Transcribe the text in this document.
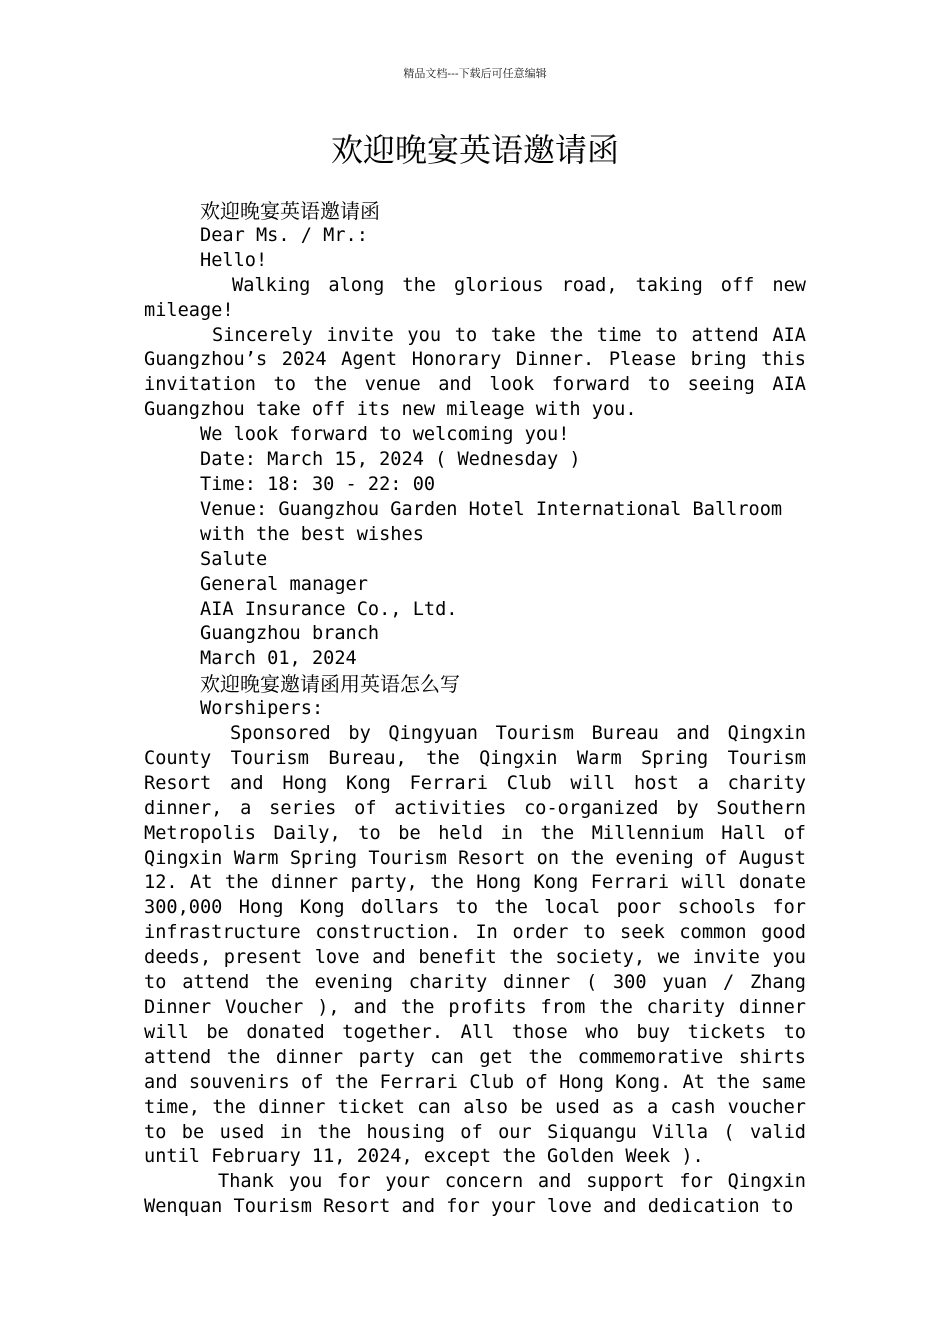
精品文档---下载后可任意编辑
欢迎晚宴英语邀请函

欢迎晚宴英语邀请函

Dear Ms. / Mr.:

Hello!

Walking along the glorious road, taking off new mileage!

Sincerely invite you to take the time to attend AIA Guangzhou’s 2024 Agent Honorary Dinner. Please bring this invitation to the venue and look forward to seeing AIA Guangzhou take off its new mileage with you.

We look forward to welcoming you!

Date: March 15, 2024 ( Wednesday )

Time: 18: 30 - 22: 00

Venue: Guangzhou Garden Hotel International Ballroom

with the best wishes

Salute

General manager

AIA Insurance Co., Ltd.

Guangzhou branch

March 01, 2024

欢迎晚宴邀请函用英语怎么写

Worshipers:

Sponsored by Qingyuan Tourism Bureau and Qingxin County Tourism Bureau, the Qingxin Warm Spring Tourism Resort and Hong Kong Ferrari Club will host a charity dinner, a series of activities co-organized by Southern Metropolis Daily, to be held in the Millennium Hall of Qingxin Warm Spring Tourism Resort on the evening of August 12. At the dinner party, the Hong Kong Ferrari will donate 300,000 Hong Kong dollars to the local poor schools for infrastructure construction. In order to seek common good deeds, present love and benefit the society, we invite you to attend the evening charity dinner ( 300 yuan / Zhang Dinner Voucher ), and the profits from the charity dinner will be donated together. All those who buy tickets to attend the dinner party can get the commemorative shirts and souvenirs of the Ferrari Club of Hong Kong. At the same time, the dinner ticket can also be used as a cash voucher to be used in the housing of our Siquangu Villa ( valid until February 11, 2024, except the Golden Week ).

Thank you for your concern and support for Qingxin Wenquan Tourism Resort and for your love and dedication to
